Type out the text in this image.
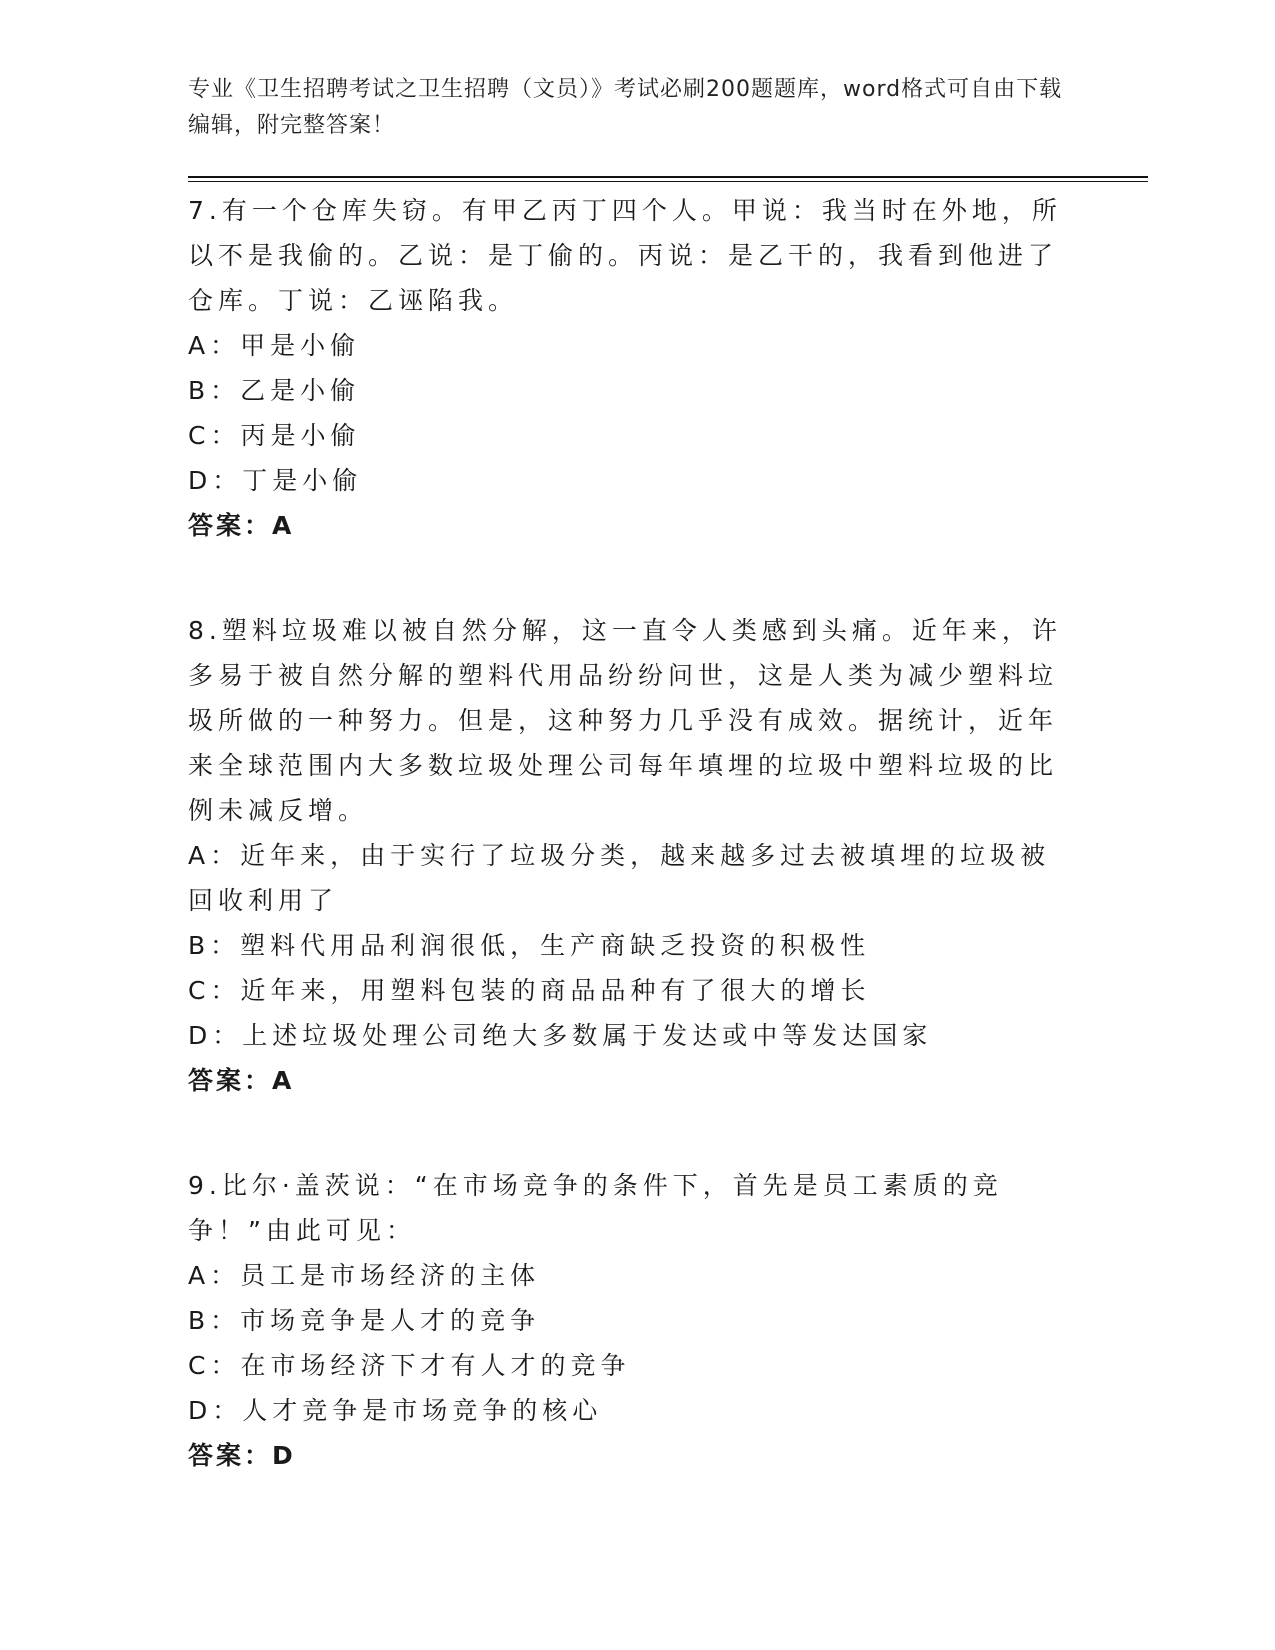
专业《卫生招聘考试之卫生招聘（文员）》考试必刷200题题库，word格式可自由下载编辑，附完整答案！

7.有一个仓库失窃。有甲乙丙丁四个人。甲说：我当时在外地，所以不是我偷的。乙说：是丁偷的。丙说：是乙干的，我看到他进了仓库。丁说：乙诬陷我。

A：甲是小偷

B：乙是小偷

C：丙是小偷

D：丁是小偷

答案：A

8.塑料垃圾难以被自然分解，这一直令人类感到头痛。近年来，许多易于被自然分解的塑料代用品纷纷问世，这是人类为减少塑料垃圾所做的一种努力。但是，这种努力几乎没有成效。据统计，近年来全球范围内大多数垃圾处理公司每年填埋的垃圾中塑料垃圾的比例未减反增。

A：近年来，由于实行了垃圾分类，越来越多过去被填埋的垃圾被回收利用了

B：塑料代用品利润很低，生产商缺乏投资的积极性

C：近年来，用塑料包装的商品品种有了很大的增长

D：上述垃圾处理公司绝大多数属于发达或中等发达国家

答案：A

9.比尔·盖茨说：“在市场竞争的条件下，首先是员工素质的竞争！”由此可见：

A：员工是市场经济的主体

B：市场竞争是人才的竞争

C：在市场经济下才有人才的竞争

D：人才竞争是市场竞争的核心

答案：D
